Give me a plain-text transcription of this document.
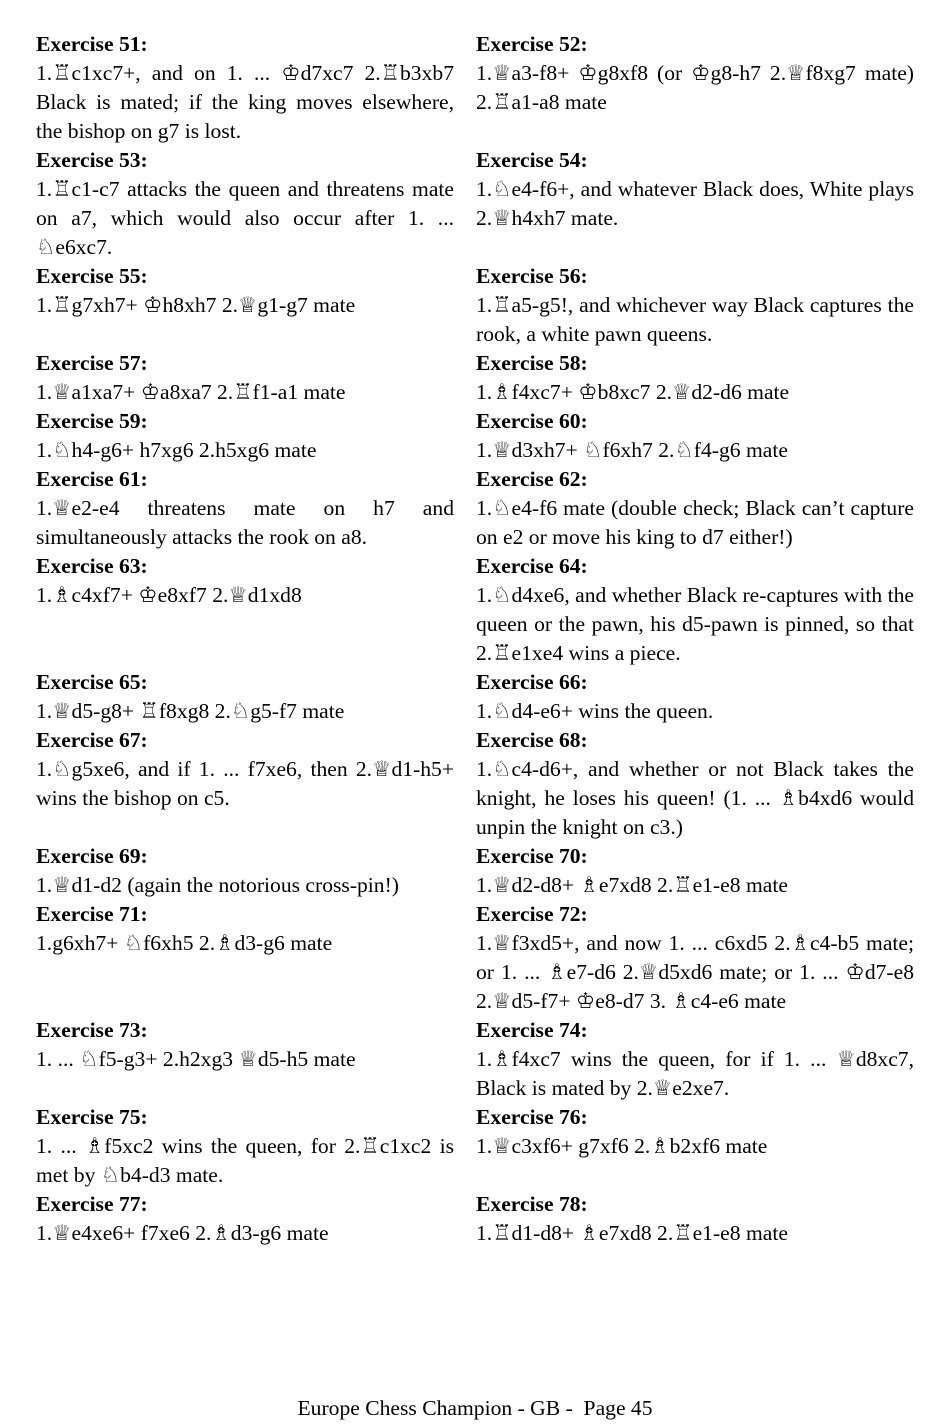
Exercise 51:
1.♖c1xc7+, and on 1. ... ♔d7xc7 2.♖b3xb7 Black is mated; if the king moves elsewhere, the bishop on g7 is lost.
Exercise 52:
1.♕a3-f8+ ♔g8xf8 (or ♔g8-h7 2.♕f8xg7 mate) 2.♖a1-a8 mate
Exercise 53:
1.♖c1-c7 attacks the queen and threatens mate on a7, which would also occur after 1. ... ♘e6xc7.
Exercise 54:
1.♘e4-f6+, and whatever Black does, White plays 2.♕h4xh7 mate.
Exercise 55:
1.♖g7xh7+ ♔h8xh7 2.♕g1-g7 mate
Exercise 56:
1.♖a5-g5!, and whichever way Black captures the rook, a white pawn queens.
Exercise 57:
1.♕a1xa7+ ♔a8xa7 2.♖f1-a1 mate
Exercise 58:
1.♗f4xc7+ ♔b8xc7 2.♕d2-d6 mate
Exercise 59:
1.♘h4-g6+ h7xg6 2.h5xg6 mate
Exercise 60:
1.♕d3xh7+ ♘f6xh7 2.♘f4-g6 mate
Exercise 61:
1.♕e2-e4 threatens mate on h7 and simultaneously attacks the rook on a8.
Exercise 62:
1.♘e4-f6 mate (double check; Black can’t capture on e2 or move his king to d7 either!)
Exercise 63:
1.♗c4xf7+ ♔e8xf7 2.♕d1xd8
Exercise 64:
1.♘d4xe6, and whether Black re-captures with the queen or the pawn, his d5-pawn is pinned, so that 2.♖e1xe4 wins a piece.
Exercise 65:
1.♕d5-g8+ ♖f8xg8 2.♘g5-f7 mate
Exercise 66:
1.♘d4-e6+ wins the queen.
Exercise 67:
1.♘g5xe6, and if 1. ... f7xe6, then 2.♕d1-h5+ wins the bishop on c5.
Exercise 68:
1.♘c4-d6+, and whether or not Black takes the knight, he loses his queen! (1. ... ♗b4xd6 would unpin the knight on c3.)
Exercise 69:
1.♕d1-d2 (again the notorious cross-pin!)
Exercise 70:
1.♕d2-d8+ ♗e7xd8 2.♖e1-e8 mate
Exercise 71:
1.g6xh7+ ♘f6xh5 2.♗d3-g6 mate
Exercise 72:
1.♕f3xd5+, and now 1. ... c6xd5 2.♗c4-b5 mate; or 1. ... ♗e7-d6 2.♕d5xd6 mate; or 1. ... ♔d7-e8 2.♕d5-f7+ ♔e8-d7 3. ♗c4-e6 mate
Exercise 73:
1. ... ♘f5-g3+ 2.h2xg3 ♕d5-h5 mate
Exercise 74:
1.♗f4xc7 wins the queen, for if 1. ... ♕d8xc7, Black is mated by 2.♕e2xe7.
Exercise 75:
1. ... ♗f5xc2 wins the queen, for 2.♖c1xc2 is met by ♘b4-d3 mate.
Exercise 76:
1.♕c3xf6+ g7xf6 2.♗b2xf6 mate
Exercise 77:
1.♕e4xe6+ f7xe6 2.♗d3-g6 mate
Exercise 78:
1.♖d1-d8+ ♗e7xd8 2.♖e1-e8 mate
Europe Chess Champion - GB -  Page 45
